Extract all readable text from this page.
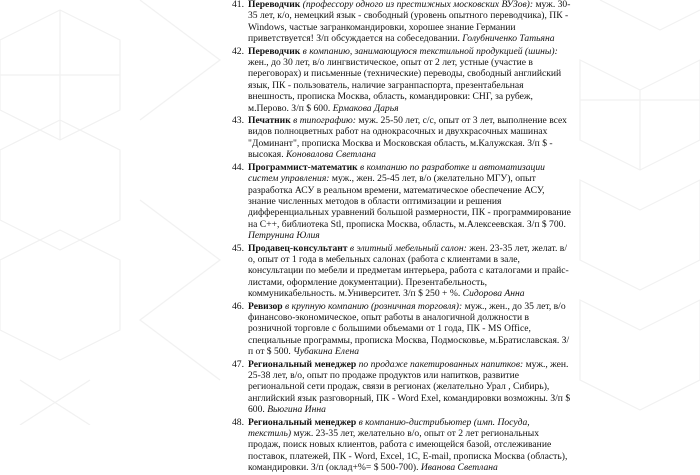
41. Переводчик (профессору одного из престижных московских ВУЗов): муж. 30-35 лет, к/о, немецкий язык - свободный (уровень опытного переводчика), ПК - Windows, частые загранкомандировки, хорошее знание Германии приветствуется! З/п обсуждается на собеседовании. Голубниченко Татьяна
42. Переводчик в компанию, занимающуюся текстильной продукцией (шины): жен., до 30 лет, в/о лингвистическое, опыт от 2 лет, устные (участие в переговорах) и письменные (технические) переводы, свободный английский язык, ПК - пользователь, наличие загранпаспорта, презентабельная внешность, прописка Москва, область, командировки: СНГ, за рубеж, м.Перово. З/п $ 600. Ермакова Дарья
43. Печатник в типографию: муж. 25-50 лет, с/с, опыт от 3 лет, выполнение всех видов полноцветных работ на однокрасочных и двухкрасочных машинах "Доминант", прописка Москва и Московская область, м.Калужская. З/п $ - высокая. Коновалова Светлана
44. Программист-математик в компанию по разработке и автоматизации систем управления: муж., жен. 25-45 лет, в/о (желательно МГУ), опыт разработка АСУ в реальном времени, математическое обеспечение АСУ, знание численных методов в области оптимизации и решения дифференциальных уравнений большой размерности, ПК - программирование на С++, библиотека Stl, прописка Москва, область, м.Алексеевская. З/п $ 700. Петрунина Юлия
45. Продавец-консультант в элитный мебельный салон: жен. 23-35 лет, желат. в/о, опыт от 1 года в мебельных салонах (работа с клиентами в зале, консультации по мебели и предметам интерьера, работа с каталогами и прайс-листами, оформление документации). Презентабельность, коммуникабельность. м.Университет. З/п $ 250 + %. Сидорова Анна
46. Ревизор в крупную компанию (розничная торговля): муж., жен., до 35 лет, в/о финансово-экономическое, опыт работы в аналогичной должности в розничной торговле с большими объемами от 1 года, ПК - MS Office, специальные программы, прописка Москва, Подмосковье, м.Братиславская. З/п от $ 500. Чубакина Елена
47. Региональный менеджер по продаже пакетированных напитков: муж., жен. 25-38 лет, в/о, опыт по продаже продуктов или напитков, развитие региональной сети продаж, связи в регионах (желательно Урал , Сибирь), английский язык разговорный, ПК - Word Exel, командировки возможны. З/п $ 600. Вьюгина Инна
48. Региональный менеджер в компанию-дистрибьютер (имп. Посуда, текстиль) муж. 23-35 лет, желательно в/о, опыт от 2 лет региональных продаж, поиск новых клиентов, работа с имеющейся базой, отслеживание поставок, платежей, ПК - Word, Excel, 1С, E-mail, прописка Москва (область), командировки. З/п (оклад+%= $ 500-700). Иванова Светлана
